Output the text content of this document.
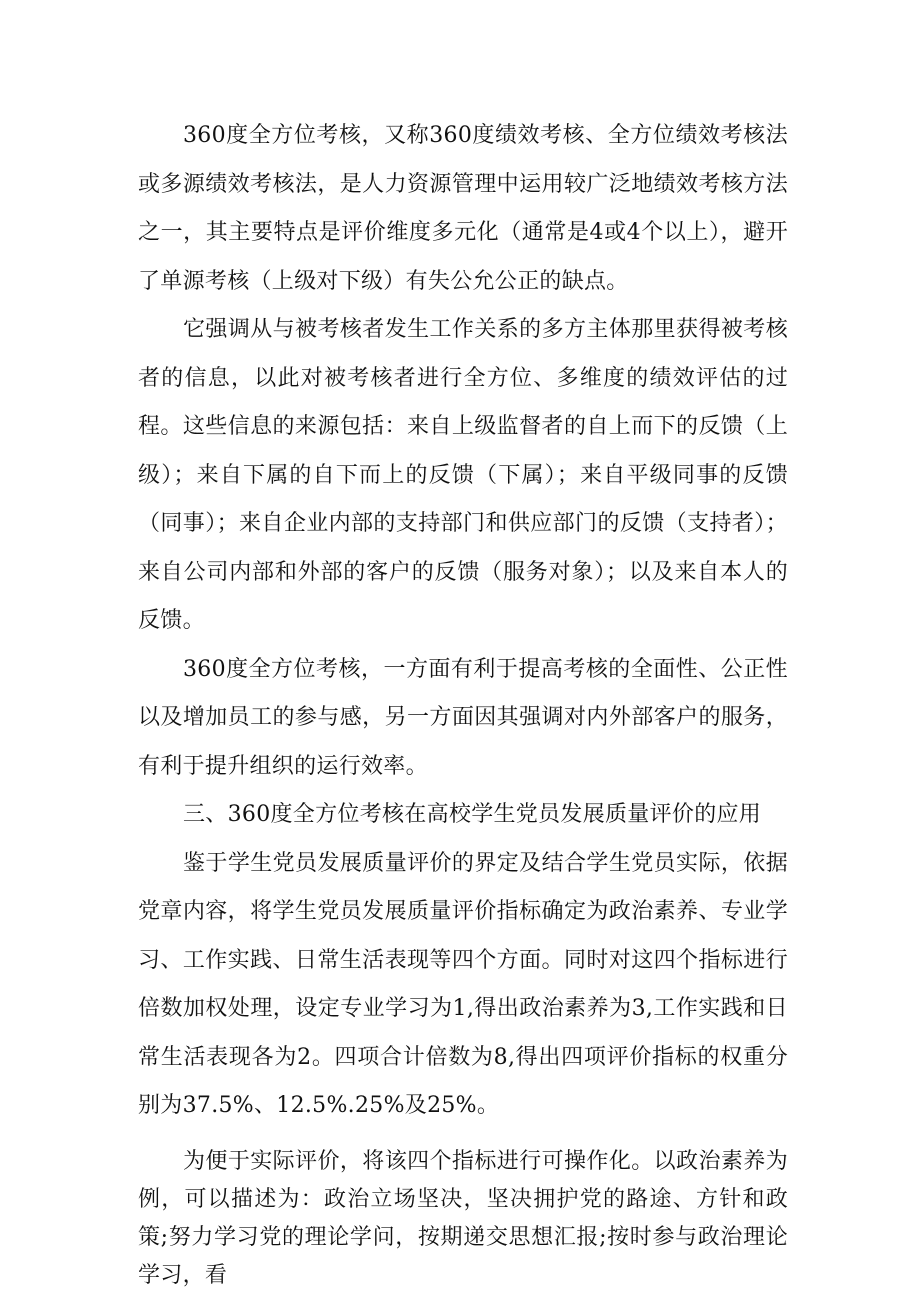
360度全方位考核，又称360度绩效考核、全方位绩效考核法或多源绩效考核法，是人力资源管理中运用较广泛地绩效考核方法之一，其主要特点是评价维度多元化（通常是4或4个以上），避开了单源考核（上级对下级）有失公允公正的缺点。

它强调从与被考核者发生工作关系的多方主体那里获得被考核者的信息，以此对被考核者进行全方位、多维度的绩效评估的过程。这些信息的来源包括：来自上级监督者的自上而下的反馈（上级）；来自下属的自下而上的反馈（下属）；来自平级同事的反馈（同事）；来自企业内部的支持部门和供应部门的反馈（支持者）；来自公司内部和外部的客户的反馈（服务对象）；以及来自本人的反馈。

360度全方位考核，一方面有利于提高考核的全面性、公正性以及增加员工的参与感，另一方面因其强调对内外部客户的服务，有利于提升组织的运行效率。

三、360度全方位考核在高校学生党员发展质量评价的应用

鉴于学生党员发展质量评价的界定及结合学生党员实际，依据党章内容，将学生党员发展质量评价指标确定为政治素养、专业学习、工作实践、日常生活表现等四个方面。同时对这四个指标进行倍数加权处理，设定专业学习为1,得出政治素养为3,工作实践和日常生活表现各为2。四项合计倍数为8,得出四项评价指标的权重分别为37.5%、12.5%.25%及25%。

为便于实际评价，将该四个指标进行可操作化。以政治素养为例，可以描述为：政治立场坚决，坚决拥护党的路途、方针和政策;努力学习党的理论学问，按期递交思想汇报;按时参与政治理论学习，看
